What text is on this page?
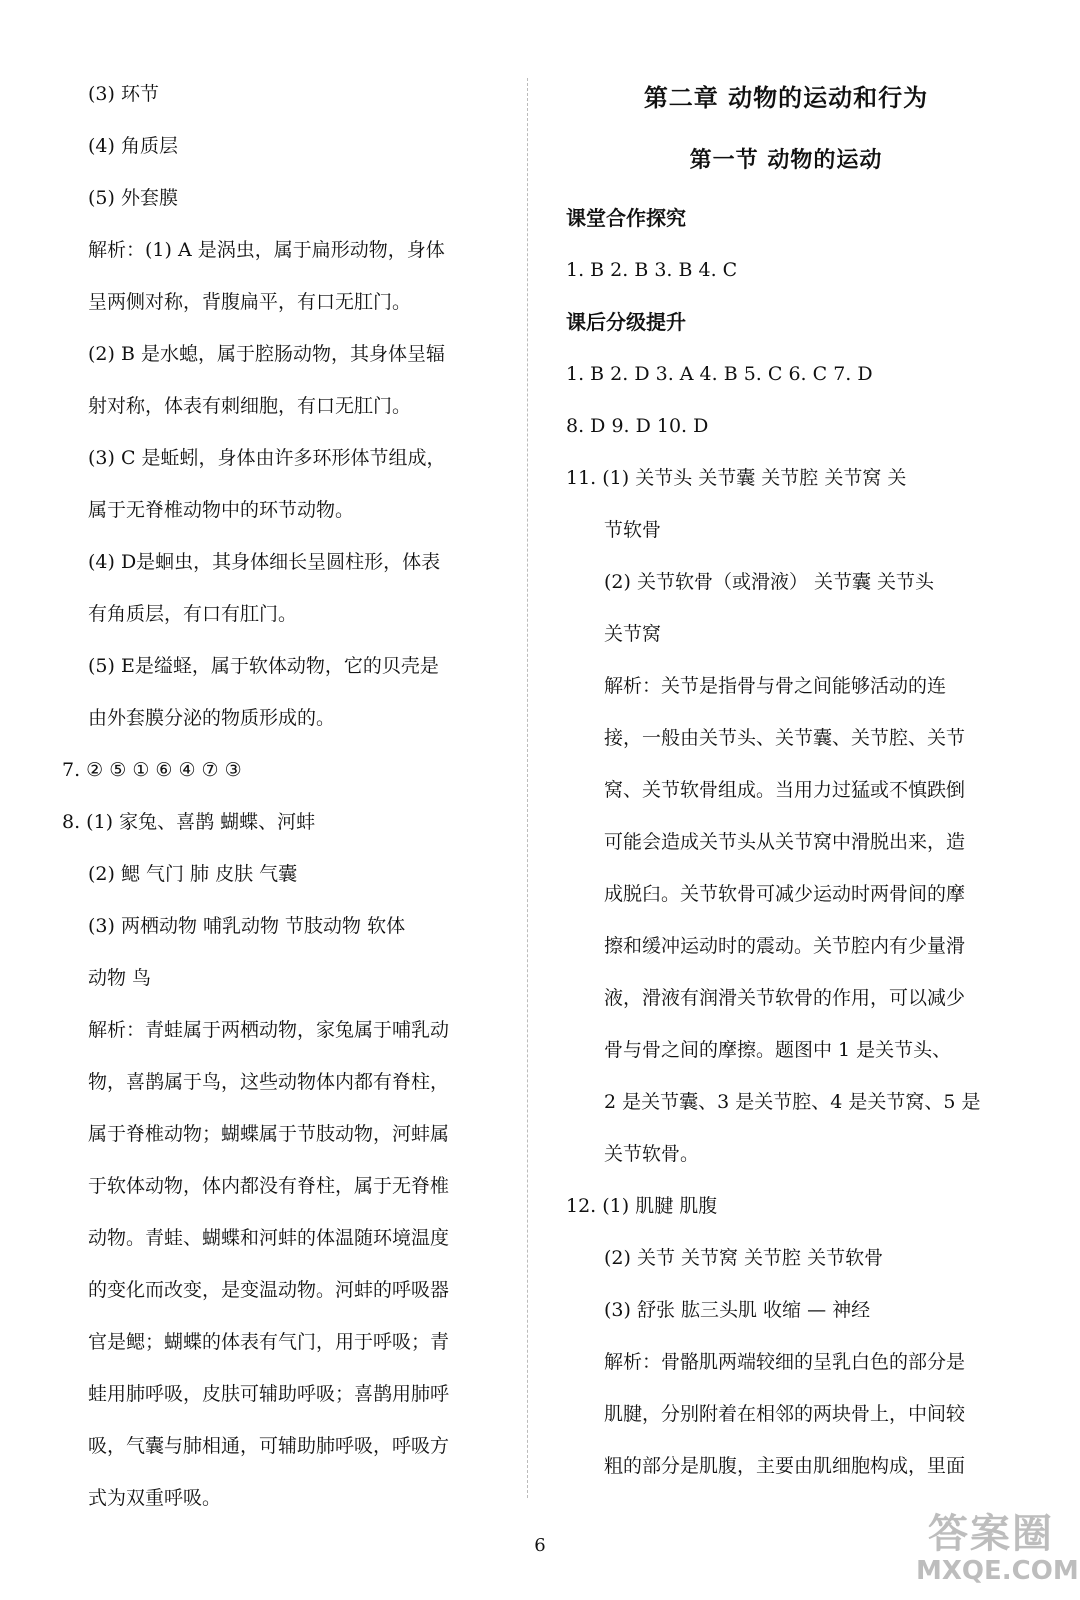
(3) 环节
(4) 角质层
(5) 外套膜
解析：(1) A 是涡虫，属于扁形动物，身体
呈两侧对称，背腹扁平，有口无肛门。
(2) B 是水螅，属于腔肠动物，其身体呈辐
射对称，体表有刺细胞，有口无肛门。
(3) C 是蚯蚓，身体由许多环形体节组成，
属于无脊椎动物中的环节动物。
(4) D是蛔虫，其身体细长呈圆柱形，体表
有角质层，有口有肛门。
(5) E是缢蛏，属于软体动物，它的贝壳是
由外套膜分泌的物质形成的。
7. ② ⑤ ① ⑥ ④ ⑦ ③
8. (1) 家兔、喜鹊 蝴蝶、河蚌
(2) 鳃 气门 肺 皮肤 气囊
(3) 两栖动物 哺乳动物 节肢动物 软体
动物 鸟
解析：青蛙属于两栖动物，家兔属于哺乳动
物，喜鹊属于鸟，这些动物体内都有脊柱，
属于脊椎动物；蝴蝶属于节肢动物，河蚌属
于软体动物，体内都没有脊柱，属于无脊椎
动物。青蛙、蝴蝶和河蚌的体温随环境温度
的变化而改变，是变温动物。河蚌的呼吸器
官是鳃；蝴蝶的体表有气门，用于呼吸；青
蛙用肺呼吸，皮肤可辅助呼吸；喜鹊用肺呼
吸，气囊与肺相通，可辅助肺呼吸，呼吸方
式为双重呼吸。
第二章 动物的运动和行为
第一节 动物的运动
课堂合作探究
1. B 2. B 3. B 4. C
课后分级提升
1. B 2. D 3. A 4. B 5. C 6. C 7. D
8. D 9. D 10. D
11. (1) 关节头 关节囊 关节腔 关节窝 关
节软骨
(2) 关节软骨（或滑液） 关节囊 关节头
关节窝
解析：关节是指骨与骨之间能够活动的连
接，一般由关节头、关节囊、关节腔、关节
窝、关节软骨组成。当用力过猛或不慎跌倒
可能会造成关节头从关节窝中滑脱出来，造
成脱臼。关节软骨可减少运动时两骨间的摩
擦和缓冲运动时的震动。关节腔内有少量滑
液，滑液有润滑关节软骨的作用，可以减少
骨与骨之间的摩擦。题图中 1 是关节头、
2 是关节囊、3 是关节腔、4 是关节窝、5 是
关节软骨。
12. (1) 肌腱 肌腹
(2) 关节 关节窝 关节腔 关节软骨
(3) 舒张 肱三头肌 收缩 — 神经
解析：骨骼肌两端较细的呈乳白色的部分是
肌腱，分别附着在相邻的两块骨上，中间较
粗的部分是肌腹，主要由肌细胞构成，里面
6	答案圈
MXQE.COM
